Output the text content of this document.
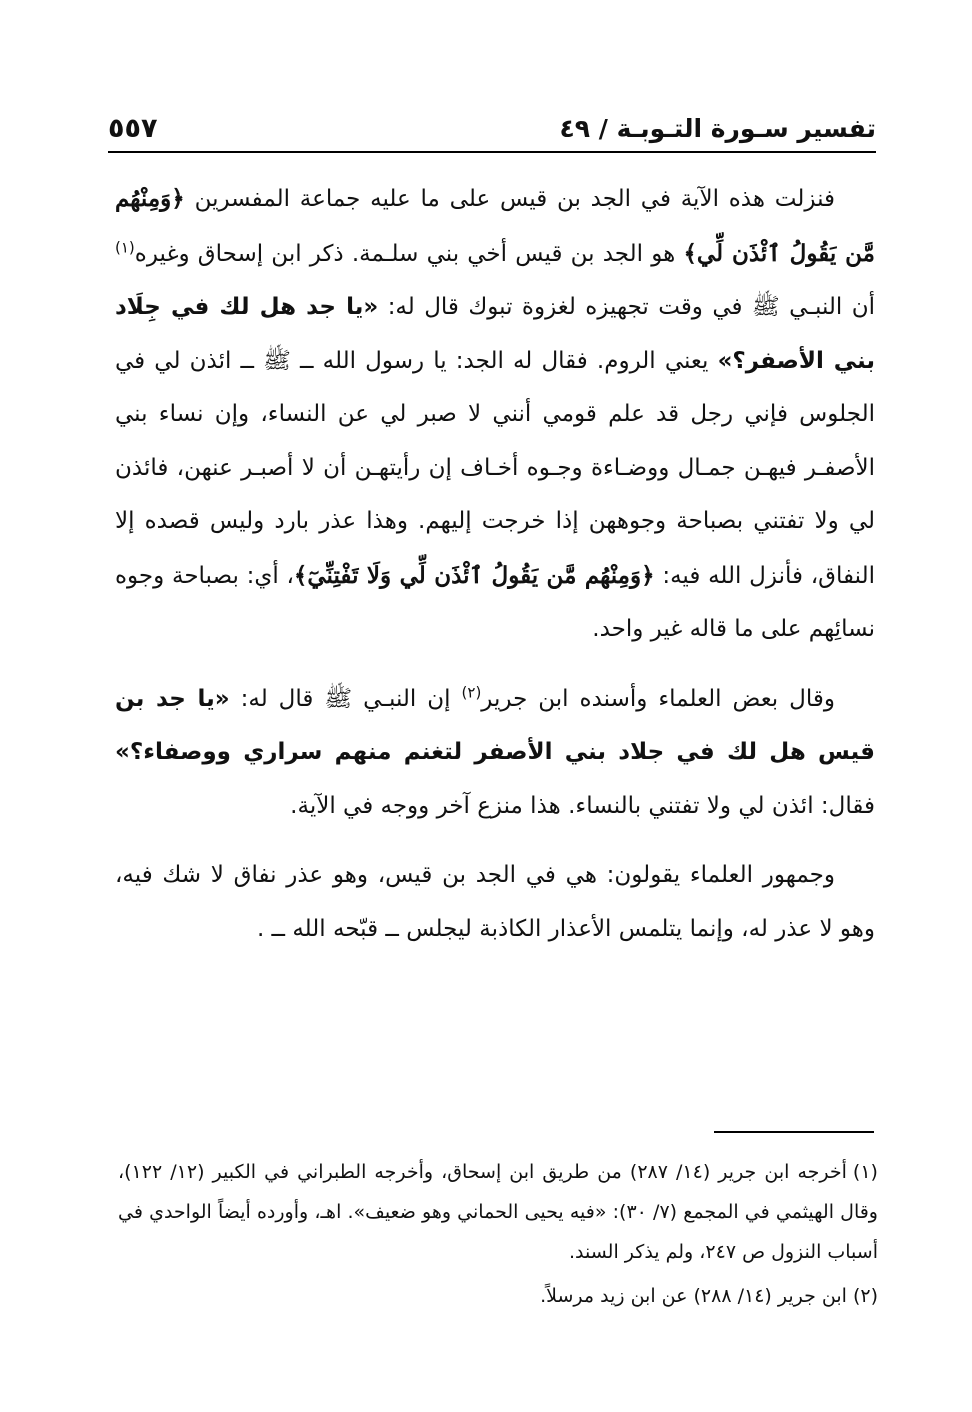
تفسير سـورة التـوبـة / ٤٩
٥٥٧

فنزلت هذه الآية في الجد بن قيس على ما عليه جماعة المفسرين ﴿وَمِنْهُم مَّن يَقُولُ ٱئْذَن لِّي﴾ هو الجد بن قيس أخي بني سلـمة. ذكر ابن إسحاق وغيره$^{(١)}$ أن النبـي ﷺ في وقت تجهيزه لغزوة تبوك قال له: «يا جد هل لك في جِلَاد بني الأصفر؟» يعني الروم. فقال له الجد: يا رسول الله ــ ﷺ ــ ائذن لي في الجلوس فإني رجل قد علم قومي أنني لا صبر لي عن النساء، وإن نساء بني الأصفـر فيهـن جمـال ووضـاءة وجـوه أخـاف إن رأيتهـن أن لا أصبـر عنهن، فائذن لي ولا تفتني بصباحة وجوههن إذا خرجت إليهم. وهذا عذر بارد وليس قصده إلا النفاق، فأنزل الله فيه: ﴿وَمِنْهُم مَّن يَقُولُ ٱئْذَن لِّي وَلَا تَفْتِنِّيٓ﴾، أي: بصباحة وجوه نسائِهم على ما قاله غير واحد.

وقال بعض العلماء وأسنده ابن جرير$^{(٢)}$ إن النبـي ﷺ قال له: «يا جد بن قيس هل لك في جلاد بني الأصفر لتغنم منهم سراري ووصفاء؟» فقال: ائذن لي ولا تفتني بالنساء. هذا منزع آخر ووجه في الآية.

وجمهور العلماء يقولون: هي في الجد بن قيس، وهو عذر نفاق لا شك فيه، وهو لا عذر له، وإنما يتلمس الأعذار الكاذبة ليجلس ــ قبّحه الله ــ .

(١)أخرجه ابن جرير (١٤/ ٢٨٧) من طريق ابن إسحاق، وأخرجه الطبراني في الكبير (١٢/ ١٢٢)، وقال الهيثمي في المجمع (٧/ ٣٠): «فيه يحيى الحماني وهو ضعيف». اهـ، وأورده أيضاً الواحدي في أسباب النزول ص ٢٤٧، ولم يذكر السند.

(٢)ابن جرير (١٤/ ٢٨٨) عن ابن زيد مرسلاً.
